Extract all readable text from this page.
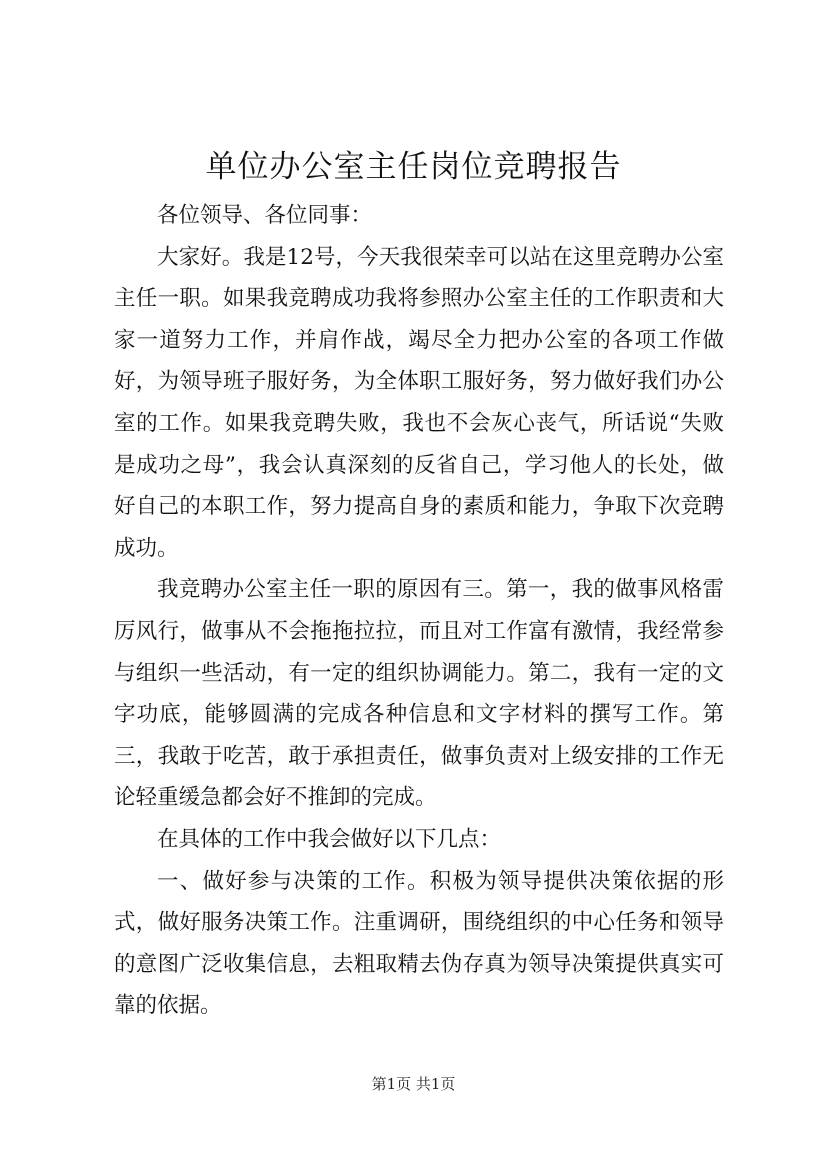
单位办公室主任岗位竞聘报告

各位领导、各位同事：

大家好。我是12号，今天我很荣幸可以站在这里竞聘办公室主任一职。如果我竞聘成功我将参照办公室主任的工作职责和大家一道努力工作，并肩作战，竭尽全力把办公室的各项工作做好，为领导班子服好务，为全体职工服好务，努力做好我们办公室的工作。如果我竞聘失败，我也不会灰心丧气，所话说“失败是成功之母”，我会认真深刻的反省自己，学习他人的长处，做好自己的本职工作，努力提高自身的素质和能力，争取下次竞聘成功。

我竞聘办公室主任一职的原因有三。第一，我的做事风格雷厉风行，做事从不会拖拖拉拉，而且对工作富有激情，我经常参与组织一些活动，有一定的组织协调能力。第二，我有一定的文字功底，能够圆满的完成各种信息和文字材料的撰写工作。第三，我敢于吃苦，敢于承担责任，做事负责对上级安排的工作无论轻重缓急都会好不推卸的完成。

在具体的工作中我会做好以下几点：

一、做好参与决策的工作。积极为领导提供决策依据的形式，做好服务决策工作。注重调研，围绕组织的中心任务和领导的意图广泛收集信息，去粗取精去伪存真为领导决策提供真实可靠的依据。

第1页 共1页
